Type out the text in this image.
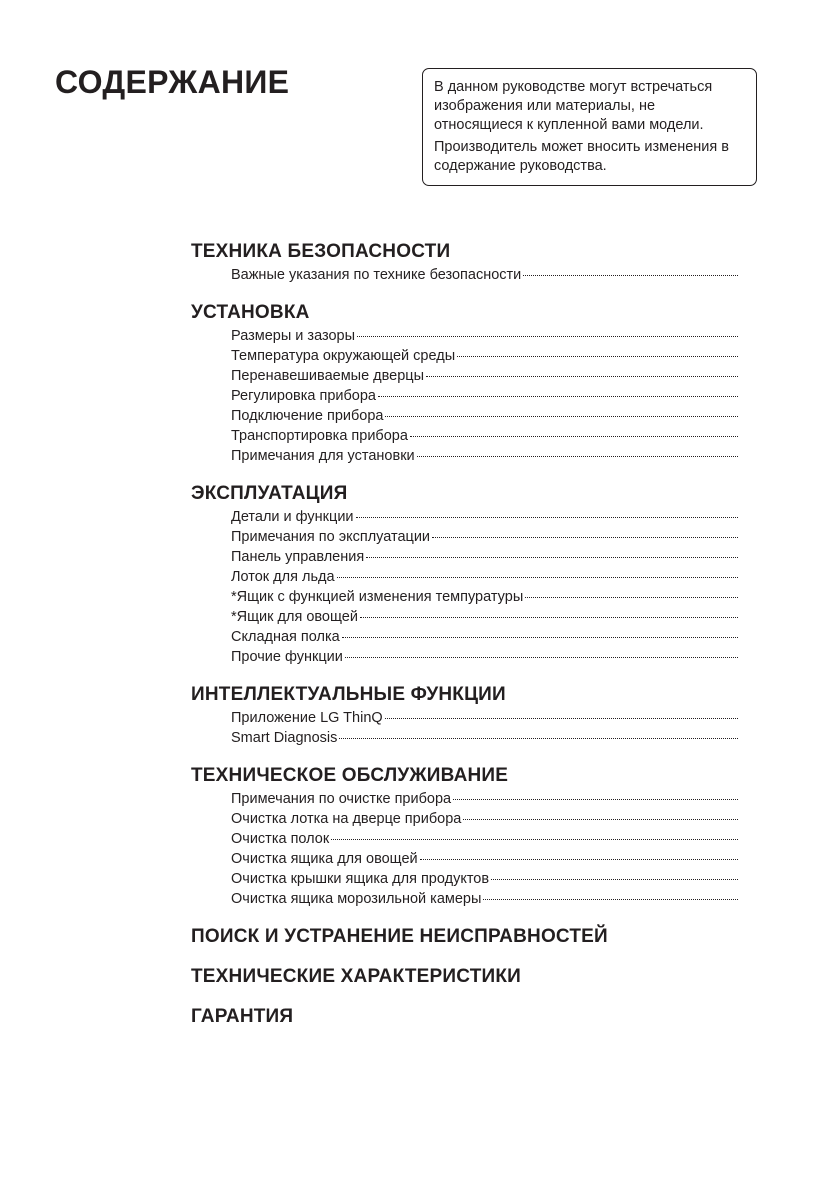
СОДЕРЖАНИЕ	В данном руководстве могут встречаться изображения или материалы, не относящиеся к купленной вами модели.

Производитель может вносить изменения в содержание руководства.

ТЕХНИКА БЕЗОПАСНОСТИ
Важные указания по технике безопасности
УСТАНОВКА
Размеры и зазоры
Температура окружающей среды
Перенавешиваемые дверцы
Регулировка прибора
Подключение прибора
Транспортировка прибора
Примечания для установки
ЭКСПЛУАТАЦИЯ
Детали и функции
Примечания по эксплуатации
Панель управления
Лоток для льда
*Ящик с функцией изменения темпуратуры
*Ящик для овощей
Складная полка
Прочие функции
ИНТЕЛЛЕКТУАЛЬНЫЕ ФУНКЦИИ
Приложение LG ThinQ
Smart Diagnosis
ТЕХНИЧЕСКОЕ ОБСЛУЖИВАНИЕ
Примечания по очистке прибора
Очистка лотка на дверце прибора
Очистка полок
Очистка ящика для овощей
Очистка крышки ящика для продуктов
Очистка ящика морозильной камеры
ПОИСК И УСТРАНЕНИЕ НЕИСПРАВНОСТЕЙ
ТЕХНИЧЕСКИЕ ХАРАКТЕРИСТИКИ
ГАРАНТИЯ
